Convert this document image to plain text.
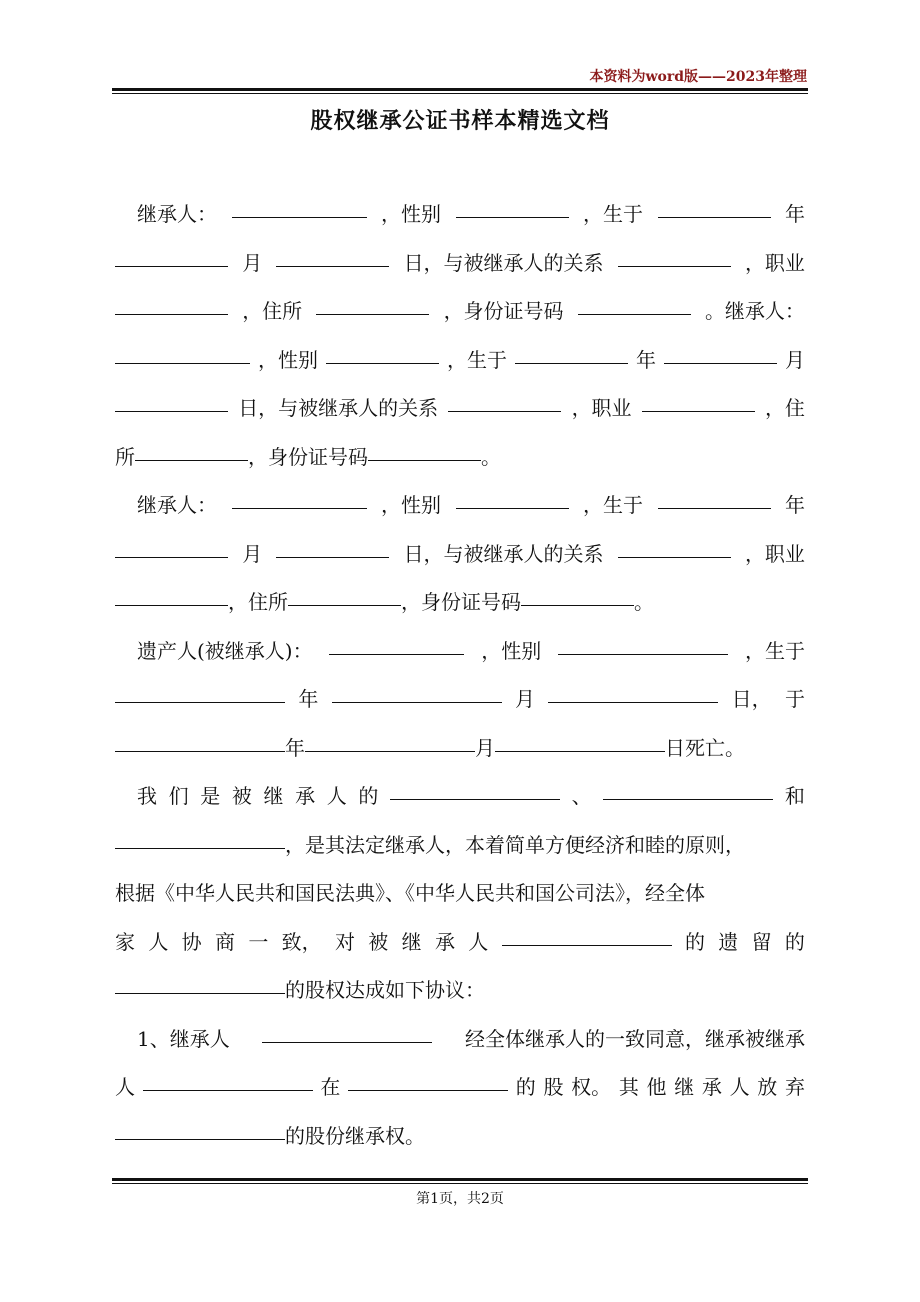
本资料为word版——2023年整理
股权继承公证书样本精选文档
继承人：	，性别	，生于	年
月	日，与被继承人的关系	，职业
，住所	，身份证号码	。继承人：
，性别	，生于	年	月
日，与被继承人的关系	，职业	，住
所	，身份证号码	。
继承人：	，性别	，生于	年
月	日，与被继承人的关系	，职业
，住所	，身份证号码	。
遗产人(被继承人)：	，性别	，生于
年	月	日， 于
年	月	日死亡。
我 们 是 被 继 承 人 的	、	和
，是其法定继承人，本着简单方便经济和睦的原则，
根据《中华人民共和国民法典》、《中华人民共和国公司法》，经全体
家 人 协 商 一 致， 对 被 继 承 人	的 遗 留 的
的股权达成如下协议：
1、继承人	经全体继承人的一致同意，继承被继承
人	在	的 股 权。 其 他 继 承 人 放 弃
的股份继承权。
第1页，共2页
